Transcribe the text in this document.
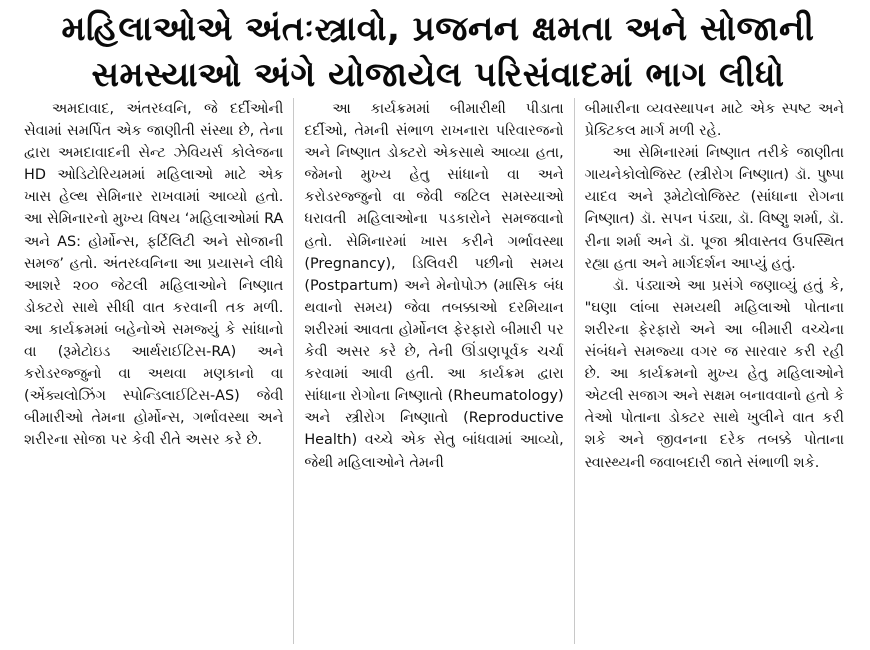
મહિલાઓએ અંતઃસ્ત્રાવો, પ્રજનન ક્ષમતા અને સોજાની
સમસ્યાઓ અંગે યોજાયેલ પરિસંવાદમાં ભાગ લીધો

અમદાવાદ, અંતરધ્વનિ, જે દર્દીઓની સેવામાં સમર્પિત એક જાણીતી સંસ્થા છે, તેના દ્વારા અમદાવાદની સેન્ટ ઝેવિયર્સ કોલેજના HD ઓડિટોરિયમમાં મહિલાઓ માટે એક ખાસ હેલ્થ સેમિનાર રાખવામાં આવ્યો હતો. આ સેમિનારનો મુખ્ય વિષય ‘મહિલાઓમાં RA અને AS: હોર્મોન્સ, ફર્ટિલિટી અને સોજાની સમજ’ હતો. અંતરધ્વનિના આ પ્રયાસને લીધે આશરે ૨૦૦ જેટલી મહિલાઓને નિષ્ણાત ડોક્ટરો સાથે સીધી વાત કરવાની તક મળી. આ કાર્યક્રમમાં બહેનોએ સમજ્યું કે સાંધાનો વા (રૂમેટોઇડ આર્થરાઈટિસ-RA) અને કરોડરજ્જુનો વા અથવા મણકાનો વા (એંક્યલોઝિંગ સ્પોન્ડિલાઈટિસ-AS) જેવી બીમારીઓ તેમના હોર્મોન્સ, ગર્ભાવસ્થા અને શરીરના સોજા પર કેવી રીતે અસર કરે છે.

આ કાર્યક્રમમાં બીમારીથી પીડાતા દર્દીઓ, તેમની સંભાળ રાખનારા પરિવારજનો અને નિષ્ણાત ડોક્ટરો એકસાથે આવ્યા હતા, જેમનો મુખ્ય હેતુ સાંધાનો વા અને કરોડરજ્જુનો વા જેવી જટિલ સમસ્યાઓ ધરાવતી મહિલાઓના પડકારોને સમજવાનો હતો. સેમિનારમાં ખાસ કરીને ગર્ભાવસ્થા (Pregnancy), ડિલિવરી પછીનો સમય (Postpartum) અને મેનોપોઝ (માસિક બંધ થવાનો સમય) જેવા તબક્કાઓ દરમિયાન શરીરમાં આવતા હોર્મોનલ ફેરફારો બીમારી પર કેવી અસર કરે છે, તેની ઊંડાણપૂર્વક ચર્ચા કરવામાં આવી હતી. આ કાર્યક્રમ દ્વારા સાંધાના રોગોના નિષ્ણાતો (Rheumatology) અને સ્ત્રીરોગ નિષ્ણાતો (Reproductive Health) વચ્ચે એક સેતુ બાંધવામાં આવ્યો, જેથી મહિલાઓને તેમની

બીમારીના વ્યવસ્થાપન માટે એક સ્પષ્ટ અને પ્રેક્ટિકલ માર્ગ મળી રહે.

આ સેમિનારમાં નિષ્ણાત તરીકે જાણીતા ગાયનેકોલોજિસ્ટ (સ્ત્રીરોગ નિષ્ણાત) ડૉ. પુષ્પા યાદવ અને રૂમેટોલોજિસ્ટ (સાંધાના રોગના નિષ્ણાત) ડૉ. સપન પંડ્યા, ડૉ. વિષ્ણુ શર્મા, ડૉ. રીના શર્મા અને ડૉ. પૂજા શ્રીવાસ્તવ ઉપસ્થિત રહ્યા હતા અને માર્ગદર્શન આપ્યું હતું.

ડૉ. પંડ્યાએ આ પ્રસંગે જણાવ્યું હતું કે, "ઘણા લાંબા સમયથી મહિલાઓ પોતાના શરીરના ફેરફારો અને આ બીમારી વચ્ચેના સંબંધને સમજ્યા વગર જ સારવાર કરી રહી છે. આ કાર્યક્રમનો મુખ્ય હેતુ મહિલાઓને એટલી સજાગ અને સક્ષમ બનાવવાનો હતો કે તેઓ પોતાના ડોક્ટર સાથે ખુલીને વાત કરી શકે અને જીવનના દરેક તબક્કે પોતાના સ્વાસ્થ્યની જવાબદારી જાતે સંભાળી શકે.
